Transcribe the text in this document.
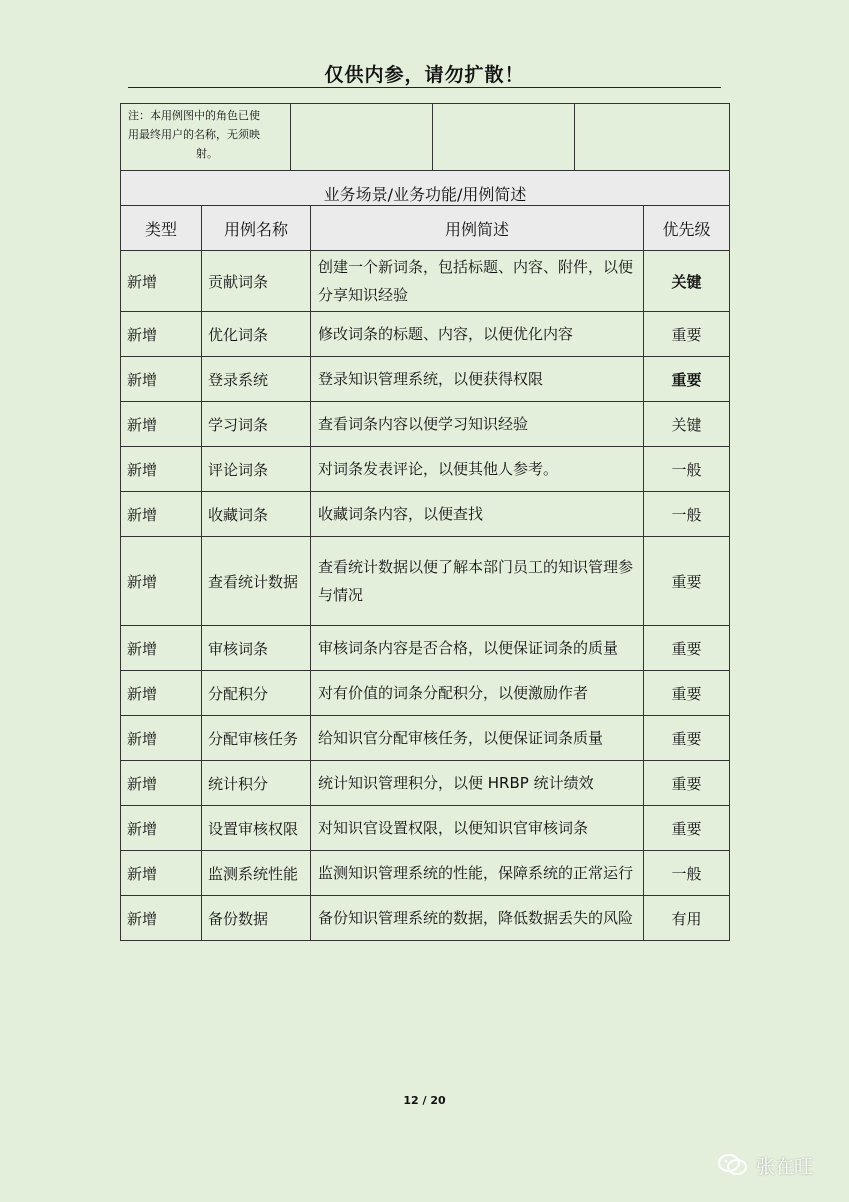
仅供内参，请勿扩散！
注：本用例图中的角色已使
用最终用户的名称，无须映

射。

业务场景/业务功能/用例简述			
类型	用例名称	用例简述	优先级
新增	贡献词条	创建一个新词条，包括标题、内容、附件，以便分享知识经验	关键
新增	优化词条	修改词条的标题、内容，以便优化内容	重要
新增	登录系统	登录知识管理系统，以便获得权限	重要
新增	学习词条	查看词条内容以便学习知识经验	关键
新增	评论词条	对词条发表评论，以便其他人参考。	一般
新增	收藏词条	收藏词条内容，以便查找	一般
新增	查看统计数据	查看统计数据以便了解本部门员工的知识管理参与情况	重要
新增	审核词条	审核词条内容是否合格，以便保证词条的质量	重要
新增	分配积分	对有价值的词条分配积分，以便激励作者	重要
新增	分配审核任务	给知识官分配审核任务，以便保证词条质量	重要
新增	统计积分	统计知识管理积分，以便 HRBP 统计绩效	重要
新增	设置审核权限	对知识官设置权限，以便知识官审核词条	重要
新增	监测系统性能	监测知识管理系统的性能，保障系统的正常运行	一般
新增	备份数据	备份知识管理系统的数据，降低数据丢失的风险	有用
12 / 20
张在旺
